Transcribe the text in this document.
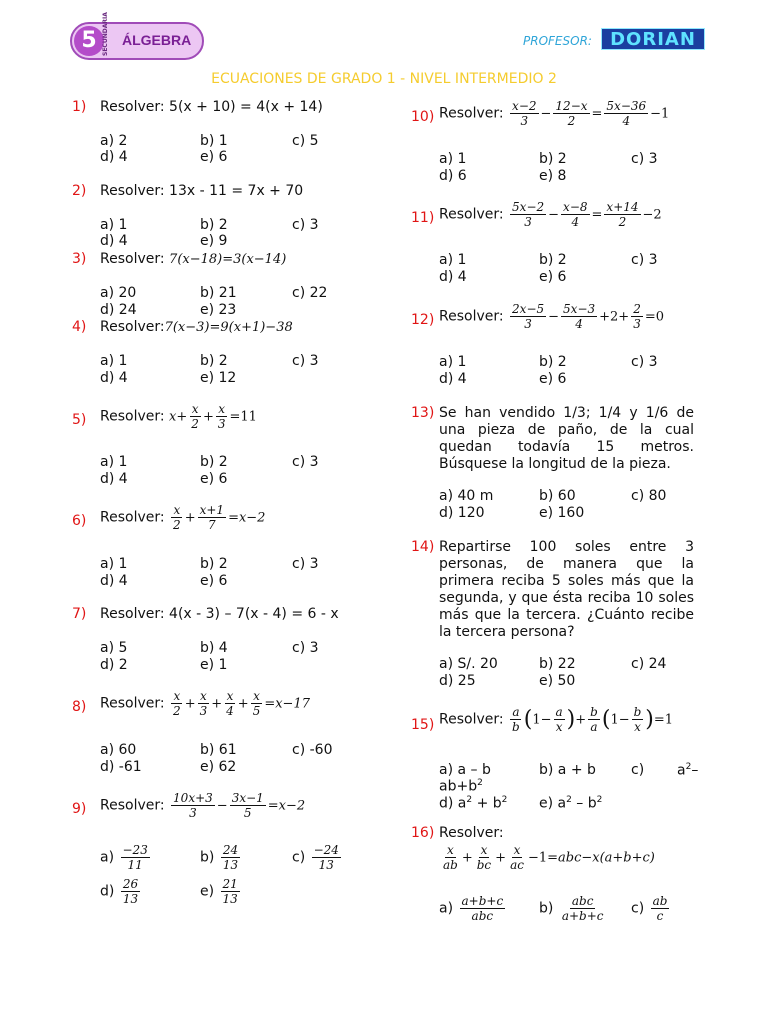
5 SECUNDARIA ÁLGEBRA	PROFESOR:	DORIAN
ECUACIONES DE GRADO 1 - NIVEL INTERMEDIO 2
1) Resolver: 5(x + 10) = 4(x + 14)
a) 2	b) 1	c) 5
d) 4	e) 6
2) Resolver: 13x - 11 = 7x + 70
a) 1	b) 2	c) 3
d) 4	e) 9
3) Resolver: 7(x−18)=3(x−14)
a) 20	b) 21	c) 22
d) 24	e) 23
4) Resolver:7(x−3)=9(x+1)−38
a) 1	b) 2	c) 3
d) 4	e) 12
5) Resolver: $x+ \frac{x}{2} + \frac{x}{3} =11$
a) 1	b) 2	c) 3
d) 4	e) 6
6) Resolver: $\frac{x}{2} + \frac{x+1}{7} =x-2$
a) 1	b) 2	c) 3
d) 4	e) 6
7) Resolver: 4(x - 3) – 7(x - 4) = 6 - x
a) 5	b) 4	c) 3
d) 2	e) 1
8) Resolver: $\frac{x}{2} + \frac{x}{3} + \frac{x}{4} + \frac{x}{5} =x-17$
a) 60	b) 61	c) -60
d) -61	e) 62
9) Resolver: $\frac{10x+3}{3} - \frac{3x-1}{5} =x-2$
$a) \frac{-23}{11}$	$b) \frac{24}{13}$	$c) \frac{-24}{13}$
$d) \frac{26}{13}$	$e) \frac{21}{13}$
10) Resolver: $\frac{x-2}{3} - \frac{12-x}{2} = \frac{5x-36}{4} -1$
a) 1	b) 2	c) 3
d) 6	e) 8
11) Resolver: $\frac{5x-2}{3} - \frac{x-8}{4} = \frac{x+14}{2} -2$
a) 1	b) 2	c) 3
d) 4	e) 6
12) Resolver: $\frac{2x-5}{3} - \frac{5x-3}{4} +2+ \frac{2}{3} =0$
a) 1	b) 2	c) 3
d) 4	e) 6
13) Se han vendido 1/3; 1/4 y 1/6 de una pieza de paño, de la cual quedan todavía 15 metros. Búsquese la longitud de la pieza.
a) 40 m	b) 60	c) 80
d) 120	e) 160
14) Repartirse 100 soles entre 3 personas, de manera que la primera reciba 5 soles más que la segunda, y que ésta reciba 10 soles más que la tercera. ¿Cuánto recibe la tercera persona?
a) S/. 20	b) 22	c) 24
d) 25	e) 50
15) Resolver: $\frac{a}{b} (1- \frac{a}{x}$ )+ $\frac{b}{a} (1- \frac{b}{x} )=1$
a) a – b	b) a + b	c) $a^2-$
$ab+b^2$
d) $a^2 + b^2$ e) $a^2 - b^2$
16) Resolver:
$\frac{x}{ab} + \frac{x}{bc} + \frac{x}{ac} -1=abc-x(a+b+c)$
$a) \frac{a+b+c}{\text{abc}} b) \frac{\text{abc}}{a+b+c} c) \frac{ab}{c}$
